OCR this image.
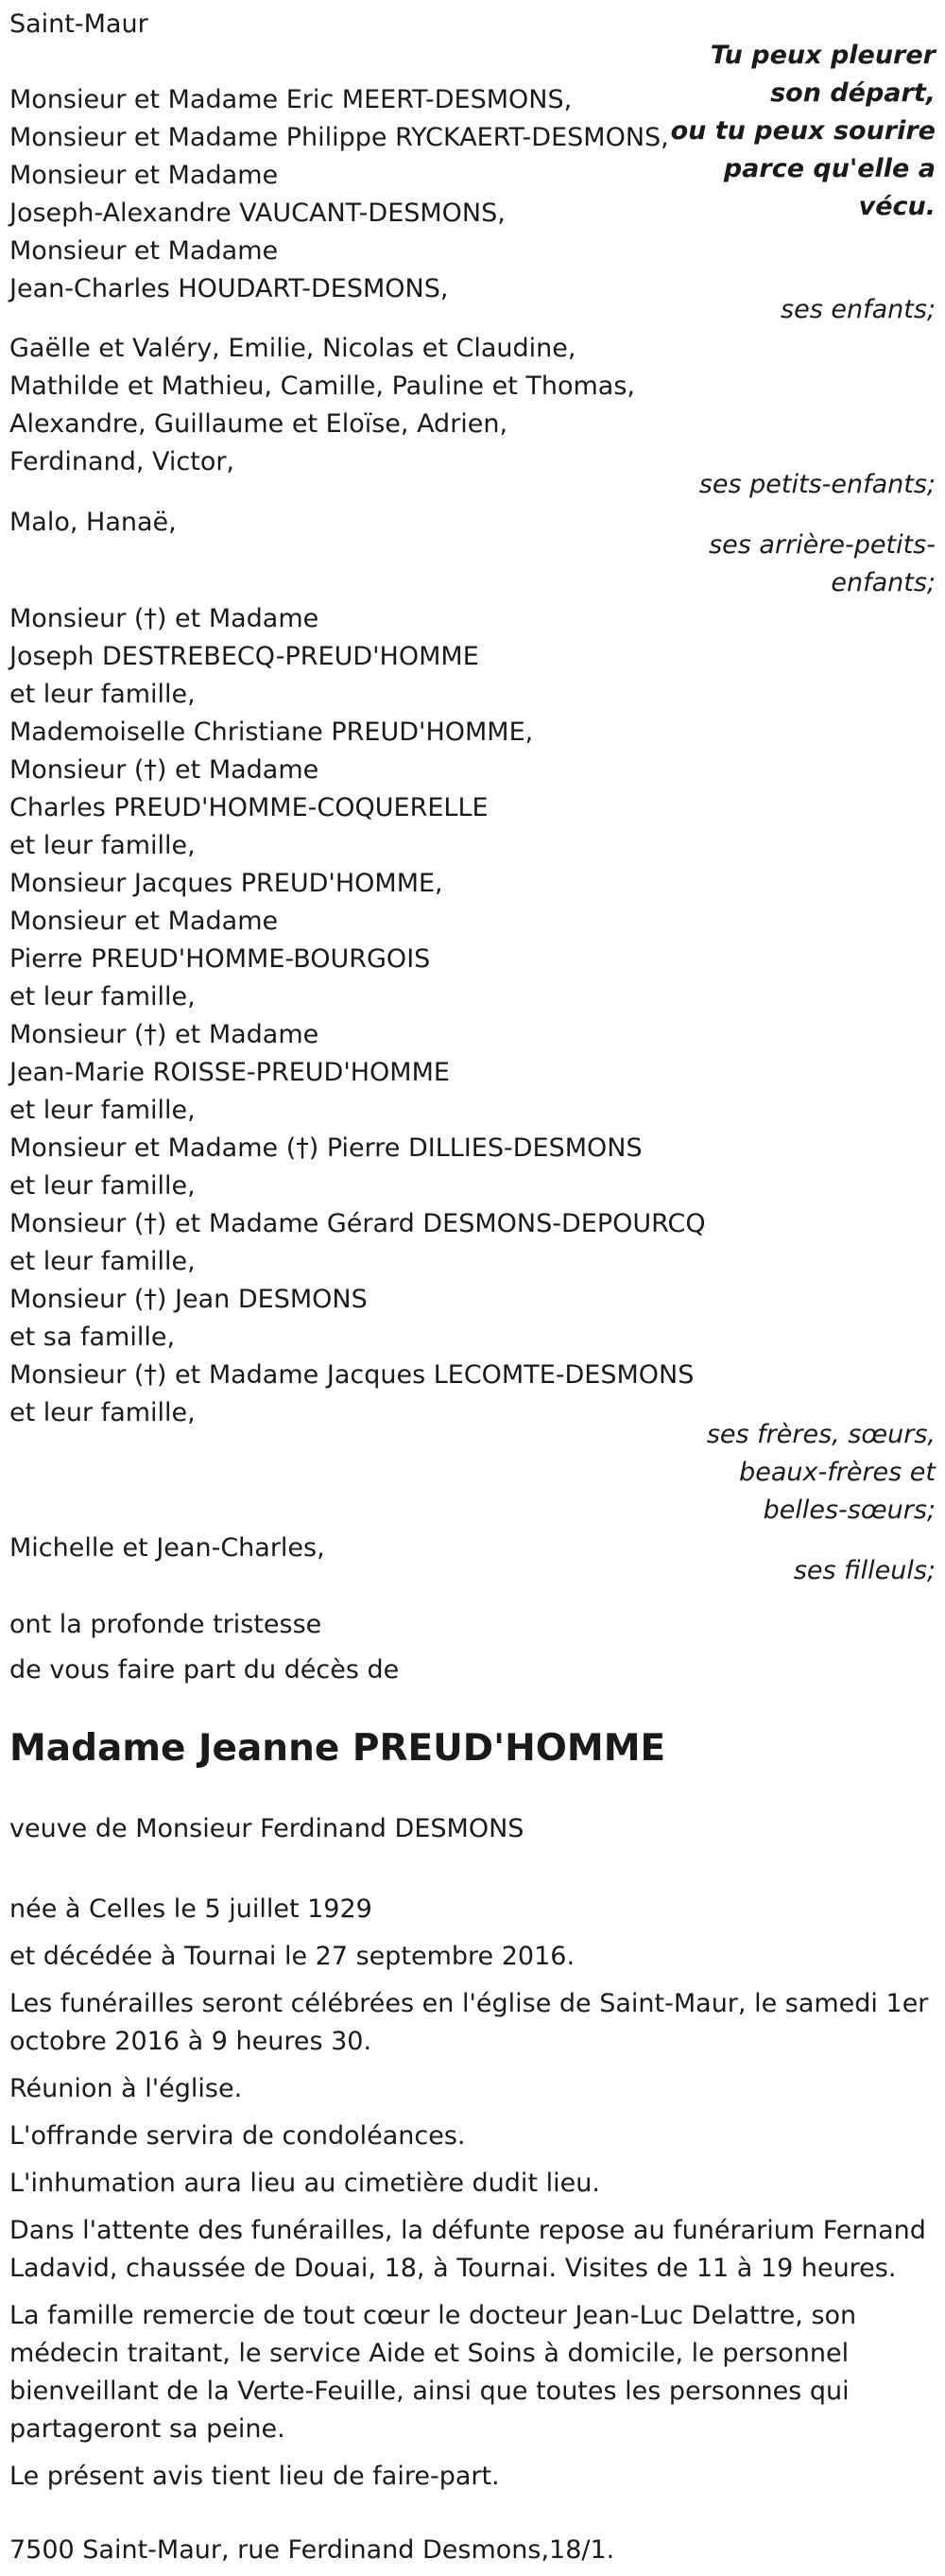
Saint-Maur
Tu peux pleurer
son départ,
ou tu peux sourire
parce qu'elle a
vécu.
Monsieur et Madame Eric MEERT-DESMONS,
Monsieur et Madame Philippe RYCKAERT-DESMONS,
Monsieur et Madame
Joseph-Alexandre VAUCANT-DESMONS,
Monsieur et Madame
Jean-Charles HOUDART-DESMONS,
ses enfants;
Gaëlle et Valéry, Emilie, Nicolas et Claudine,
Mathilde et Mathieu, Camille, Pauline et Thomas,
Alexandre, Guillaume et Eloïse, Adrien,
Ferdinand, Victor,
ses petits-enfants;
Malo, Hanaë,
ses arrière-petits-
enfants;
Monsieur (†) et Madame
Joseph DESTREBECQ-PREUD'HOMME
et leur famille,
Mademoiselle Christiane PREUD'HOMME,
Monsieur (†) et Madame
Charles PREUD'HOMME-COQUERELLE
et leur famille,
Monsieur Jacques PREUD'HOMME,
Monsieur et Madame
Pierre PREUD'HOMME-BOURGOIS
et leur famille,
Monsieur (†) et Madame
Jean-Marie ROISSE-PREUD'HOMME
et leur famille,
Monsieur et Madame (†) Pierre DILLIES-DESMONS
et leur famille,
Monsieur (†) et Madame Gérard DESMONS-DEPOURCQ
et leur famille,
Monsieur (†) Jean DESMONS
et sa famille,
Monsieur (†) et Madame Jacques LECOMTE-DESMONS
et leur famille,
ses frères, sœurs,
beaux-frères et
belles-sœurs;
Michelle et Jean-Charles,
ses filleuls;
ont la profonde tristesse
de vous faire part du décès de
Madame Jeanne PREUD'HOMME
veuve de Monsieur Ferdinand DESMONS
née à Celles le 5 juillet 1929
et décédée à Tournai le 27 septembre 2016.
Les funérailles seront célébrées en l'église de Saint-Maur, le samedi 1er octobre 2016 à 9 heures 30.
Réunion à l'église.
L'offrande servira de condoléances.
L'inhumation aura lieu au cimetière dudit lieu.
Dans l'attente des funérailles, la défunte repose au funérarium Fernand Ladavid, chaussée de Douai, 18, à Tournai. Visites de 11 à 19 heures.
La famille remercie de tout cœur le docteur Jean-Luc Delattre, son médecin traitant, le service Aide et Soins à domicile, le personnel bienveillant de la Verte-Feuille, ainsi que toutes les personnes qui partageront sa peine.
Le présent avis tient lieu de faire-part.
7500 Saint-Maur, rue Ferdinand Desmons,18/1.
